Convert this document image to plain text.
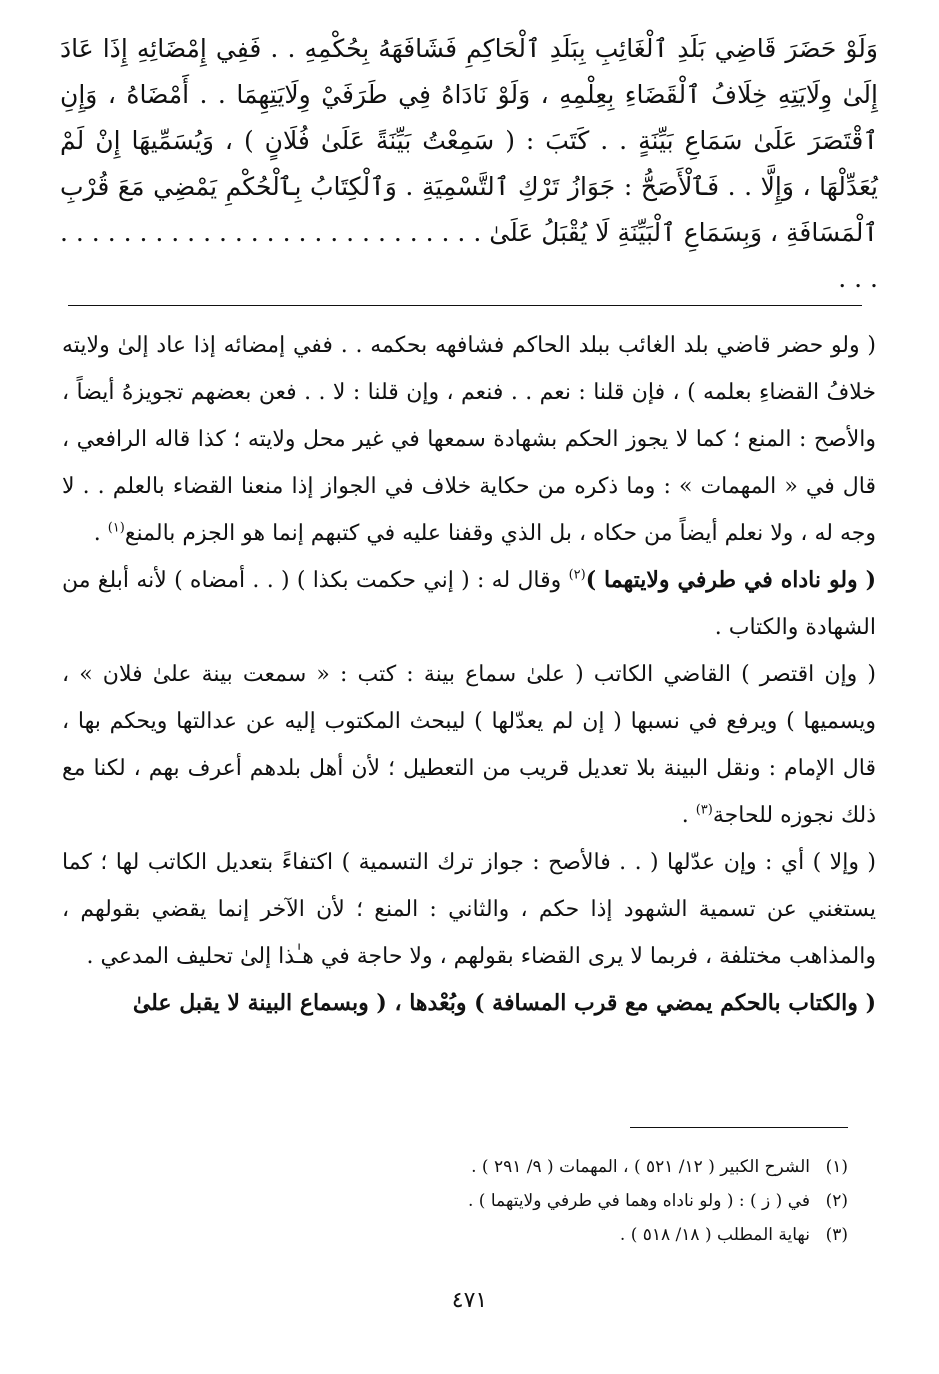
وَلَوْ حَضَرَ قَاضِي بَلَدِ ٱلْغَائِبِ بِبَلَدِ ٱلْحَاكِمِ فَشَافَهَهُ بِحُكْمِهِ . . فَفِي إِمْضَائِهِ إِذَا عَادَ إِلَىٰ وِلَايَتِهِ خِلَافُ ٱلْقَضَاءِ بِعِلْمِهِ ، وَلَوْ نَادَاهُ فِي طَرَفَيْ وِلَايَتِهِمَا . . أَمْضَاهُ ، وَإِنِ ٱقْتَصَرَ عَلَىٰ سَمَاعِ بَيِّنَةٍ . . كَتَبَ : ( سَمِعْتُ بَيِّنَةً عَلَىٰ فُلَانٍ ) ، وَيُسَمِّيهَا إِنْ لَمْ يُعَدِّلْهَا ، وَإِلَّا . . فَٱلْأَصَحُّ : جَوَازُ تَرْكِ ٱلتَّسْمِيَةِ . وَٱلْكِتَابُ بِٱلْحُكْمِ يَمْضِي مَعَ قُرْبِ ٱلْمَسَافَةِ ، وَبِسَمَاعِ ٱلْبَيِّنَةِ لَا يُقْبَلُ عَلَىٰ . . . . . . . . . . . . . . . . . . . . . . . . . . . . . .

( ولو حضر قاضي بلد الغائب ببلد الحاكم فشافهه بحكمه . . ففي إمضائه إذا عاد إلىٰ ولايته خلافُ القضاءِ بعلمه ) ، فإن قلنا : نعم . . فنعم ، وإن قلنا : لا . . فعن بعضهم تجويزهُ أيضاً ، والأصح : المنع ؛ كما لا يجوز الحكم بشهادة سمعها في غير محل ولايته ؛ كذا قاله الرافعي ، قال في « المهمات » : وما ذكره من حكاية خلاف في الجواز إذا منعنا القضاء بالعلم . . لا وجه له ، ولا نعلم أيضاً من حكاه ، بل الذي وقفنا عليه في كتبهم إنما هو الجزم بالمنع$^{(١)}$ .

( ولو ناداه في طرفي ولايتهما )$^{(٢)}$ وقال له : ( إني حكمت بكذا ) ( . . أمضاه ) لأنه أبلغ من الشهادة والكتاب .

( وإن اقتصر ) القاضي الكاتب ( علىٰ سماع بينة : كتب : « سمعت بينة علىٰ فلان » ، ويسميها ) ويرفع في نسبها ( إن لم يعدّلها ) ليبحث المكتوب إليه عن عدالتها ويحكم بها ، قال الإمام : ونقل البينة بلا تعديل قريب من التعطيل ؛ لأن أهل بلدهم أعرف بهم ، لكنا مع ذلك نجوزه للحاجة$^{(٣)}$ .

( وإلا ) أي : وإن عدّلها ( . . فالأصح : جواز ترك التسمية ) اكتفاءً بتعديل الكاتب لها ؛ كما يستغني عن تسمية الشهود إذا حكم ، والثاني : المنع ؛ لأن الآخر إنما يقضي بقولهم ، والمذاهب مختلفة ، فربما لا يرى القضاء بقولهم ، ولا حاجة في هـٰذا إلىٰ تحليف المدعي .

( والكتاب بالحكم يمضي مع قرب المسافة ) وبُعْدها ، ( وبسماع البينة لا يقبل علىٰ

(١)الشرح الكبير ( ١٢/ ٥٢١ ) ، المهمات ( ٩/ ٢٩١ ) .
(٢)في ( ز ) : ( ولو ناداه وهما في طرفي ولايتهما ) .
(٣)نهاية المطلب ( ١٨/ ٥١٨ ) .
٤٧١
